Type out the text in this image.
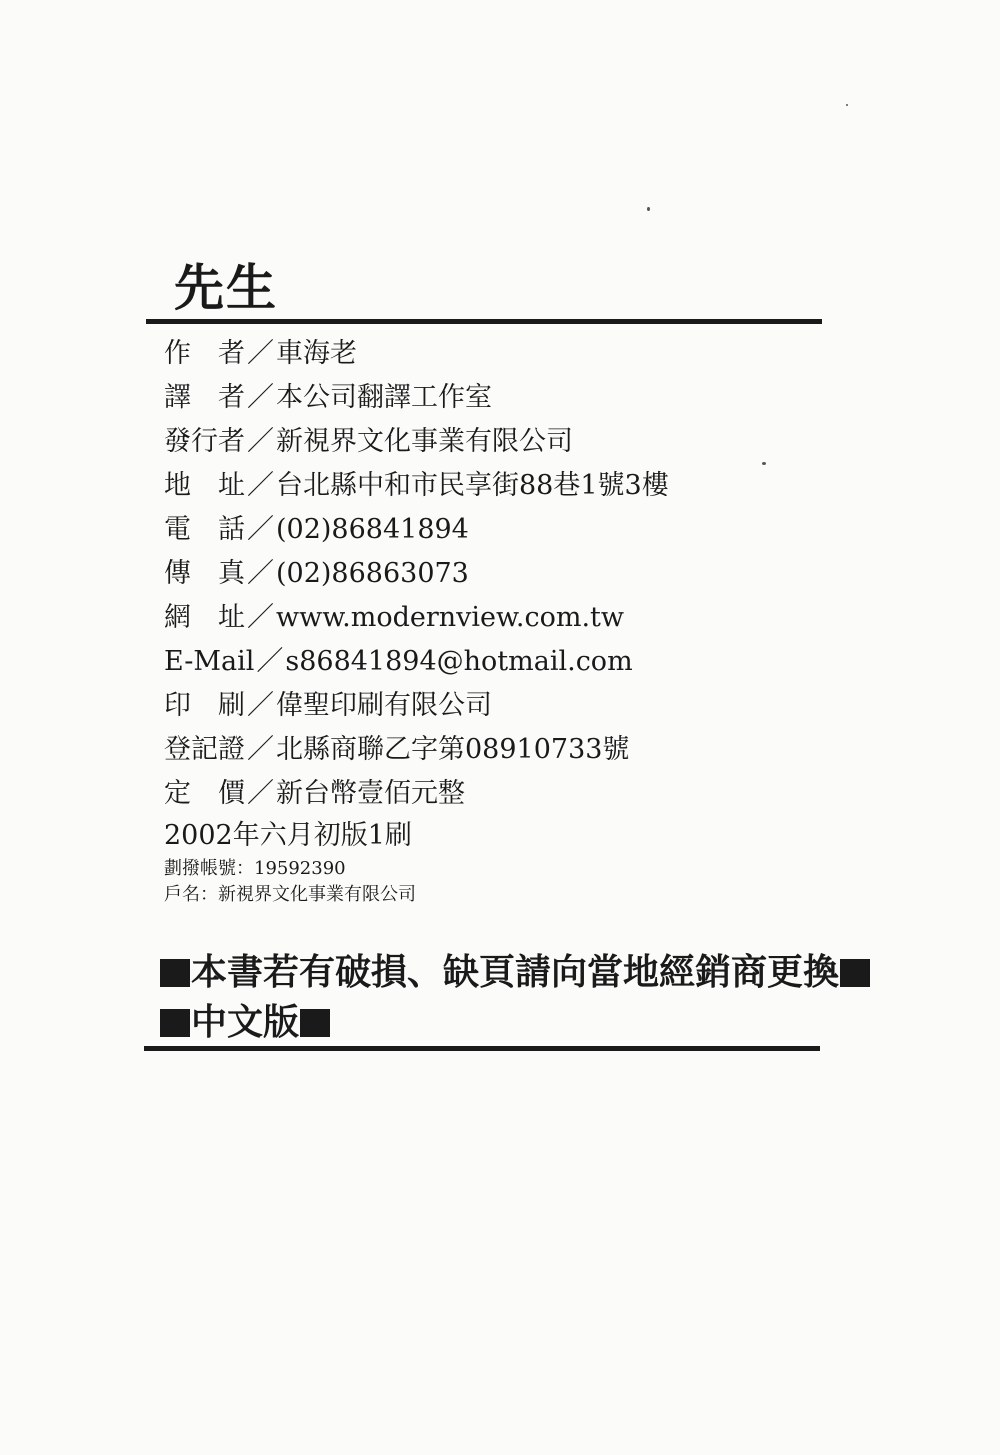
先生
作　者／車海老
譯　者／本公司翻譯工作室
發行者／新視界文化事業有限公司
地　址／台北縣中和市民享街88巷1號3樓
電　話／(02)86841894
傳　真／(02)86863073
網　址／www.modernview.com.tw
E-Mail／s86841894@hotmail.com
印　刷／偉聖印刷有限公司
登記證／北縣商聯乙字第08910733號
定　價／新台幣壹佰元整
2002年六月初版1刷
劃撥帳號：19592390
戶名：新視界文化事業有限公司
本書若有破損、缺頁請向當地經銷商更換
中文版
